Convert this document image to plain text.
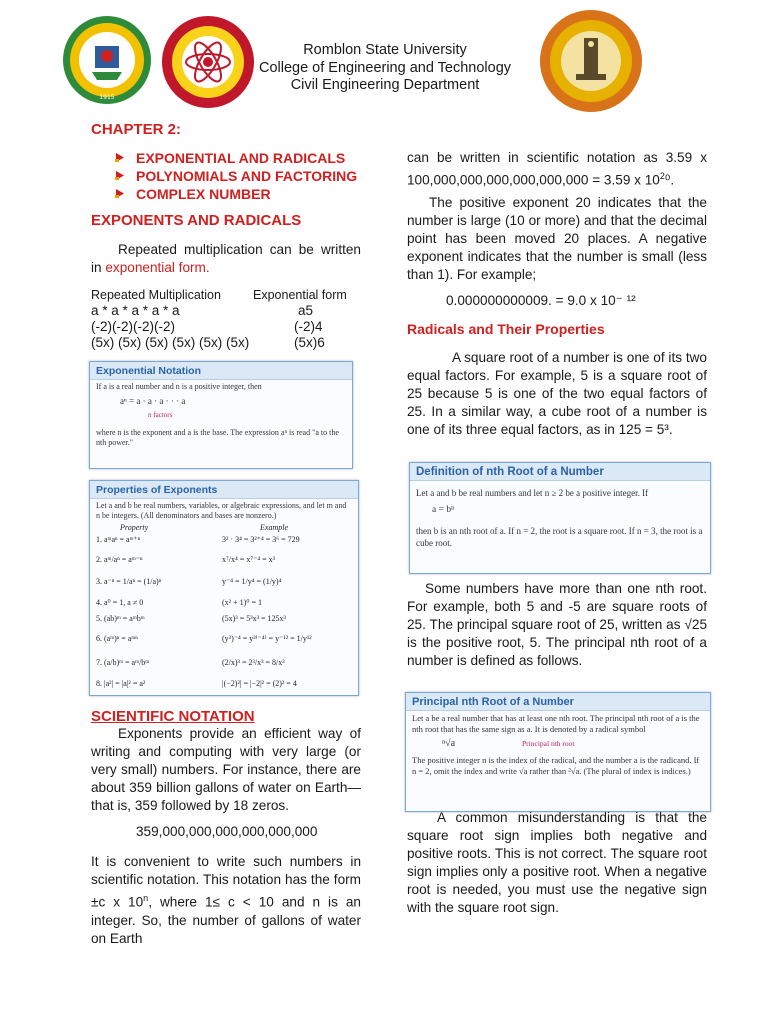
1915
Romblon State University
College of Engineering and Technology
Civil Engineering Department
CHAPTER 2:
EXPONENTIAL AND RADICALS
POLYNOMIALS AND FACTORING
COMPLEX NUMBER
EXPONENTS AND RADICALS
Repeated multiplication can be written in exponential form.
Repeated Multiplication	Exponential form
a * a * a * a * a	a5
(-2)(-2)(-2)(-2)	(-2)4
(5x) (5x) (5x) (5x) (5x) (5x)	(5x)6
Exponential Notation
If a is a real number and n is a positive integer, then
aⁿ = a · a · a · · · a
n factors
where n is the exponent and a is the base. The expression aⁿ is read "a to the nth power."
Properties of Exponents
Let a and b be real numbers, variables, or algebraic expressions, and let m and n be integers. (All denominators and bases are nonzero.)
Property	Example
1. aᵐaⁿ = aᵐ⁺ⁿ	3² · 3⁴ = 3²⁺⁴ = 3⁶ = 729
2. aᵐ/aⁿ = aᵐ⁻ⁿ	x⁷/x⁴ = x⁷⁻⁴ = x³
3. a⁻ⁿ = 1/aⁿ = (1/a)ⁿ	y⁻⁴ = 1/y⁴ = (1/y)⁴
4. a⁰ = 1, a ≠ 0	(x² + 1)⁰ = 1
5. (ab)ᵐ = aᵐbᵐ	(5x)³ = 5³x³ = 125x³
6. (aᵐ)ⁿ = aᵐⁿ	(y³)⁻⁴ = y³⁽⁻⁴⁾ = y⁻¹² = 1/y¹²
7. (a/b)ᵐ = aᵐ/bᵐ	(2/x)³ = 2³/x³ = 8/x³
8. |a²| = |a|² = a²	|(−2)²| = |−2|² = (2)² = 4
SCIENTIFIC NOTATION
Exponents provide an efficient way of writing and computing with very large (or very small) numbers. For instance, there are about 359 billion gallons of water on Earth—that is, 359 followed by 18 zeros.
359,000,000,000,000,000,000
It is convenient to write such numbers in scientific notation. This notation has the form ±c x 10$^n$, where 1≤ c < 10 and n is an integer. So, the number of gallons of water on Earth
can be written in scientific notation as 3.59 x 100,000,000,000,000,000,000 = 3.59 x $10^2^0$.
The positive exponent 20 indicates that the number is large (10 or more) and that the decimal point has been moved 20 places. A negative exponent indicates that the number is small (less than 1). For example;
0.000000000009. = 9.0 x 10⁻ ¹²
Radicals and Their Properties
A square root of a number is one of its two equal factors. For example, 5 is a square root of 25 because 5 is one of the two equal factors of 25. In a similar way, a cube root of a number is one of its three equal factors, as in 125 = 5³.
Definition of nth Root of a Number
Let a and b be real numbers and let n ≥ 2 be a positive integer. If
a = bⁿ
then b is an nth root of a. If n = 2, the root is a square root. If n = 3, the root is a cube root.
Some numbers have more than one nth root. For example, both 5 and -5 are square roots of 25. The principal square root of 25, written as √25 is the positive root, 5. The principal nth root of a number is defined as follows.
Principal nth Root of a Number
Let a be a real number that has at least one nth root. The principal nth root of a is the nth root that has the same sign as a. It is denoted by a radical symbol
ⁿ√a	Principal nth root
The positive integer n is the index of the radical, and the number a is the radicand. If n = 2, omit the index and write √a rather than ²√a. (The plural of index is indices.)
A common misunderstanding is that the square root sign implies both negative and positive roots. This is not correct. The square root sign implies only a positive root. When a negative root is needed, you must use the negative sign with the square root sign.
